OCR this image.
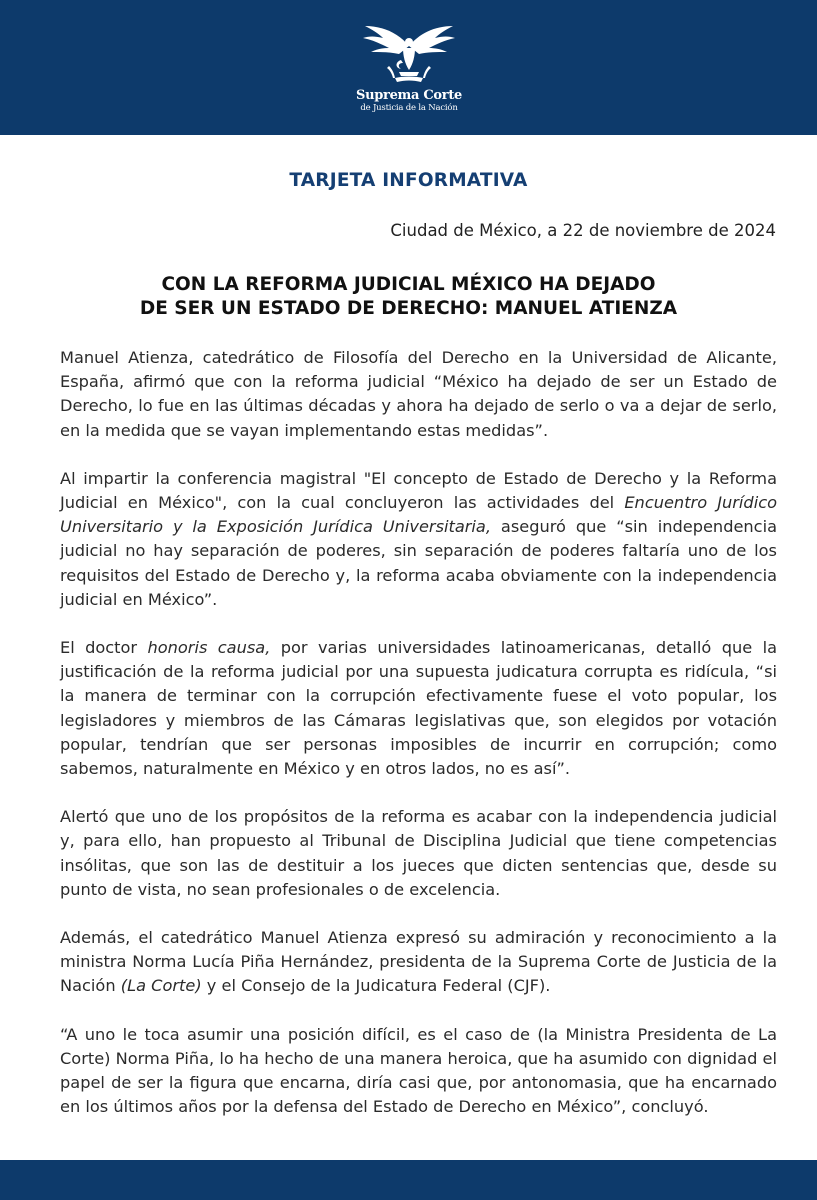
Suprema Corte
de Justicia de la Nación
TARJETA INFORMATIVA
Ciudad de México, a 22 de noviembre de 2024
CON LA REFORMA JUDICIAL MÉXICO HA DEJADO
DE SER UN ESTADO DE DERECHO: MANUEL ATIENZA

Manuel Atienza, catedrático de Filosofía del Derecho en la Universidad de Alicante, España, afirmó que con la reforma judicial “México ha dejado de ser un Estado de Derecho, lo fue en las últimas décadas y ahora ha dejado de serlo o va a dejar de serlo, en la medida que se vayan implementando estas medidas”.

Al impartir la conferencia magistral "El concepto de Estado de Derecho y la Reforma Judicial en México", con la cual concluyeron las actividades del Encuentro Jurídico Universitario y la Exposición Jurídica Universitaria, aseguró que “sin independencia judicial no hay separación de poderes, sin separación de poderes faltaría uno de los requisitos del Estado de Derecho y, la reforma acaba obviamente con la independencia judicial en México”.

El doctor honoris causa, por varias universidades latinoamericanas, detalló que la justificación de la reforma judicial por una supuesta judicatura corrupta es ridícula, “si la manera de terminar con la corrupción efectivamente fuese el voto popular, los legisladores y miembros de las Cámaras legislativas que, son elegidos por votación popular, tendrían que ser personas imposibles de incurrir en corrupción; como sabemos, naturalmente en México y en otros lados, no es así”.

Alertó que uno de los propósitos de la reforma es acabar con la independencia judicial y, para ello, han propuesto al Tribunal de Disciplina Judicial que tiene competencias insólitas, que son las de destituir a los jueces que dicten sentencias que, desde su punto de vista, no sean profesionales o de excelencia.

Además, el catedrático Manuel Atienza expresó su admiración y reconocimiento a la ministra Norma Lucía Piña Hernández, presidenta de la Suprema Corte de Justicia de la Nación (La Corte) y el Consejo de la Judicatura Federal (CJF).

“A uno le toca asumir una posición difícil, es el caso de (la Ministra Presidenta de La Corte) Norma Piña, lo ha hecho de una manera heroica, que ha asumido con dignidad el papel de ser la figura que encarna, diría casi que, por antonomasia, que ha encarnado en los últimos años por la defensa del Estado de Derecho en México”, concluyó.
